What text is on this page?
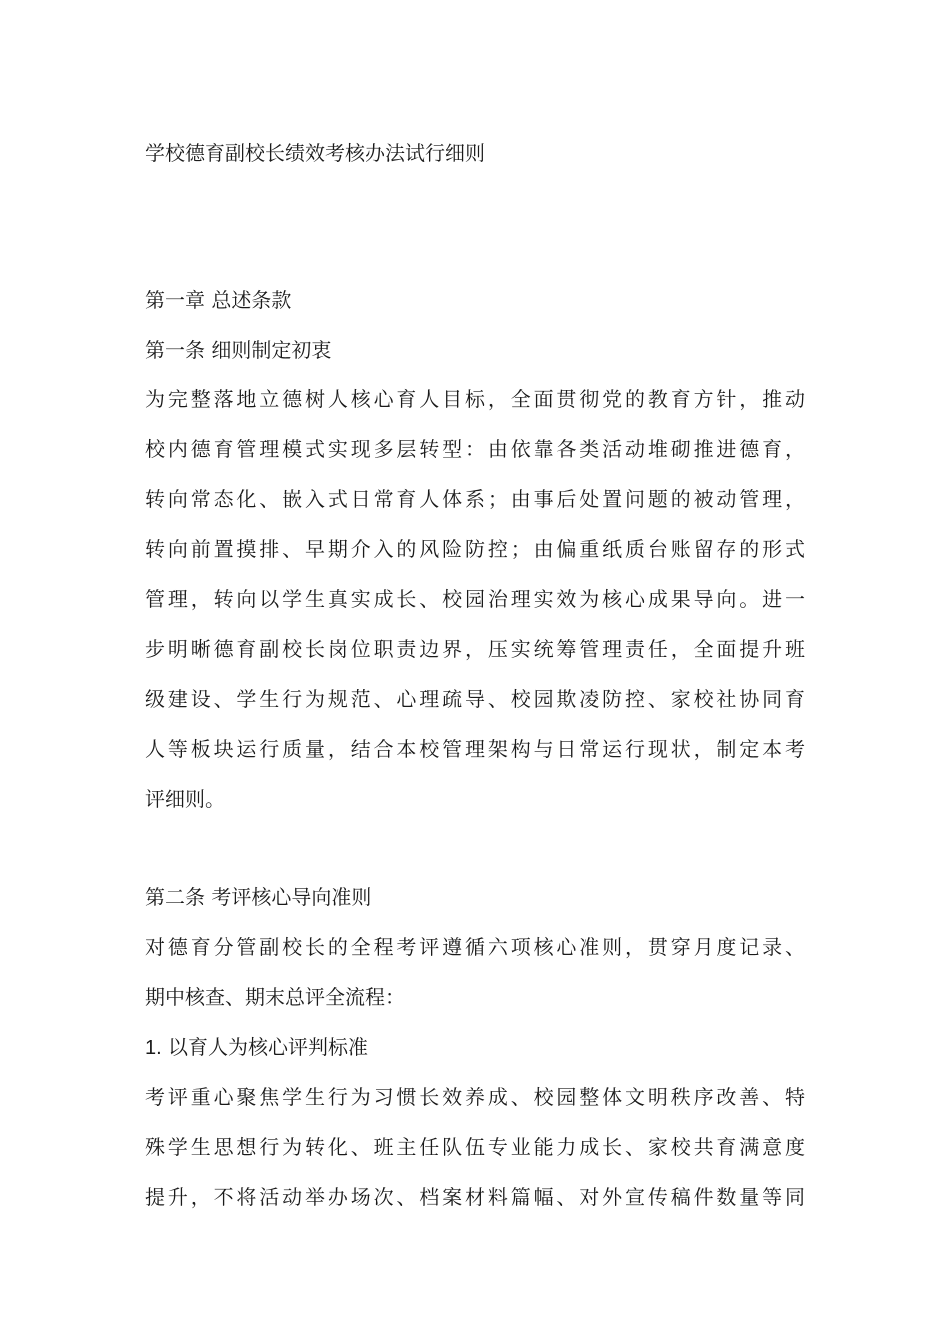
学校德育副校长绩效考核办法试行细则

第一章 总述条款

第一条 细则制定初衷

为完整落地立德树人核心育人目标，全面贯彻党的教育方针，推动

校内德育管理模式实现多层转型：由依靠各类活动堆砌推进德育，

转向常态化、嵌入式日常育人体系；由事后处置问题的被动管理，

转向前置摸排、早期介入的风险防控；由偏重纸质台账留存的形式

管理，转向以学生真实成长、校园治理实效为核心成果导向。进一

步明晰德育副校长岗位职责边界，压实统筹管理责任，全面提升班

级建设、学生行为规范、心理疏导、校园欺凌防控、家校社协同育

人等板块运行质量，结合本校管理架构与日常运行现状，制定本考

评细则。

第二条 考评核心导向准则

对德育分管副校长的全程考评遵循六项核心准则，贯穿月度记录、

期中核查、期末总评全流程：

1. 以育人为核心评判标准

考评重心聚焦学生行为习惯长效养成、校园整体文明秩序改善、特

殊学生思想行为转化、班主任队伍专业能力成长、家校共育满意度

提升，不将活动举办场次、档案材料篇幅、对外宣传稿件数量等同
